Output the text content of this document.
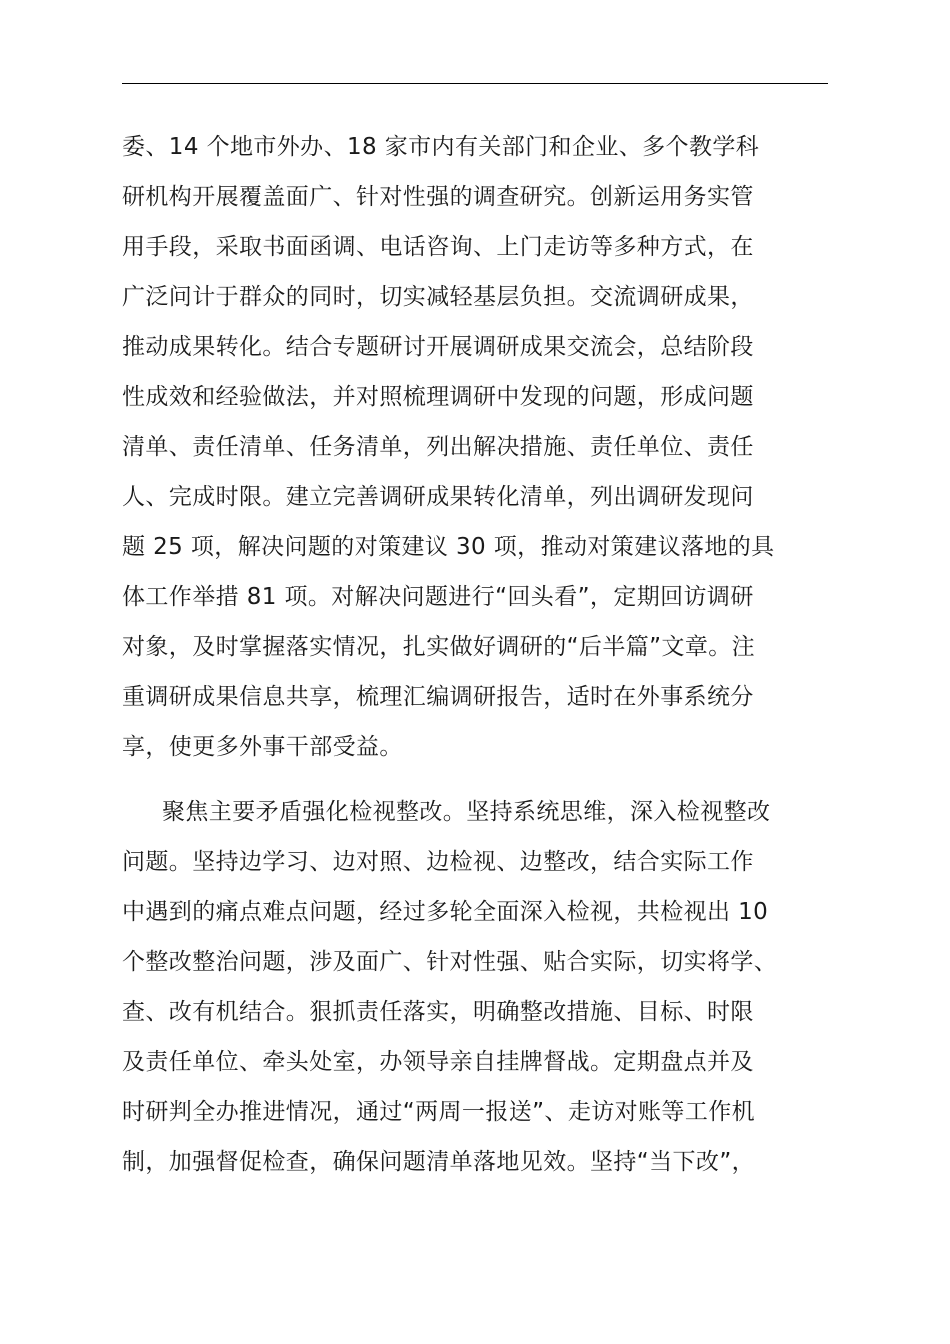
委、14 个地市外办、18 家市内有关部门和企业、多个教学科
研机构开展覆盖面广、针对性强的调查研究。创新运用务实管
用手段，采取书面函调、电话咨询、上门走访等多种方式，在
广泛问计于群众的同时，切实减轻基层负担。交流调研成果，
推动成果转化。结合专题研讨开展调研成果交流会，总结阶段
性成效和经验做法，并对照梳理调研中发现的问题，形成问题
清单、责任清单、任务清单，列出解决措施、责任单位、责任
人、完成时限。建立完善调研成果转化清单，列出调研发现问
题 25 项，解决问题的对策建议 30 项，推动对策建议落地的具
体工作举措 81 项。对解决问题进行“回头看”，定期回访调研
对象，及时掌握落实情况，扎实做好调研的“后半篇”文章。注
重调研成果信息共享，梳理汇编调研报告，适时在外事系统分
享，使更多外事干部受益。

聚焦主要矛盾强化检视整改。坚持系统思维，深入检视整改
问题。坚持边学习、边对照、边检视、边整改，结合实际工作
中遇到的痛点难点问题，经过多轮全面深入检视，共检视出 10
个整改整治问题，涉及面广、针对性强、贴合实际，切实将学、
查、改有机结合。狠抓责任落实，明确整改措施、目标、时限
及责任单位、牵头处室，办领导亲自挂牌督战。定期盘点并及
时研判全办推进情况，通过“两周一报送”、走访对账等工作机
制，加强督促检查，确保问题清单落地见效。坚持“当下改”，
